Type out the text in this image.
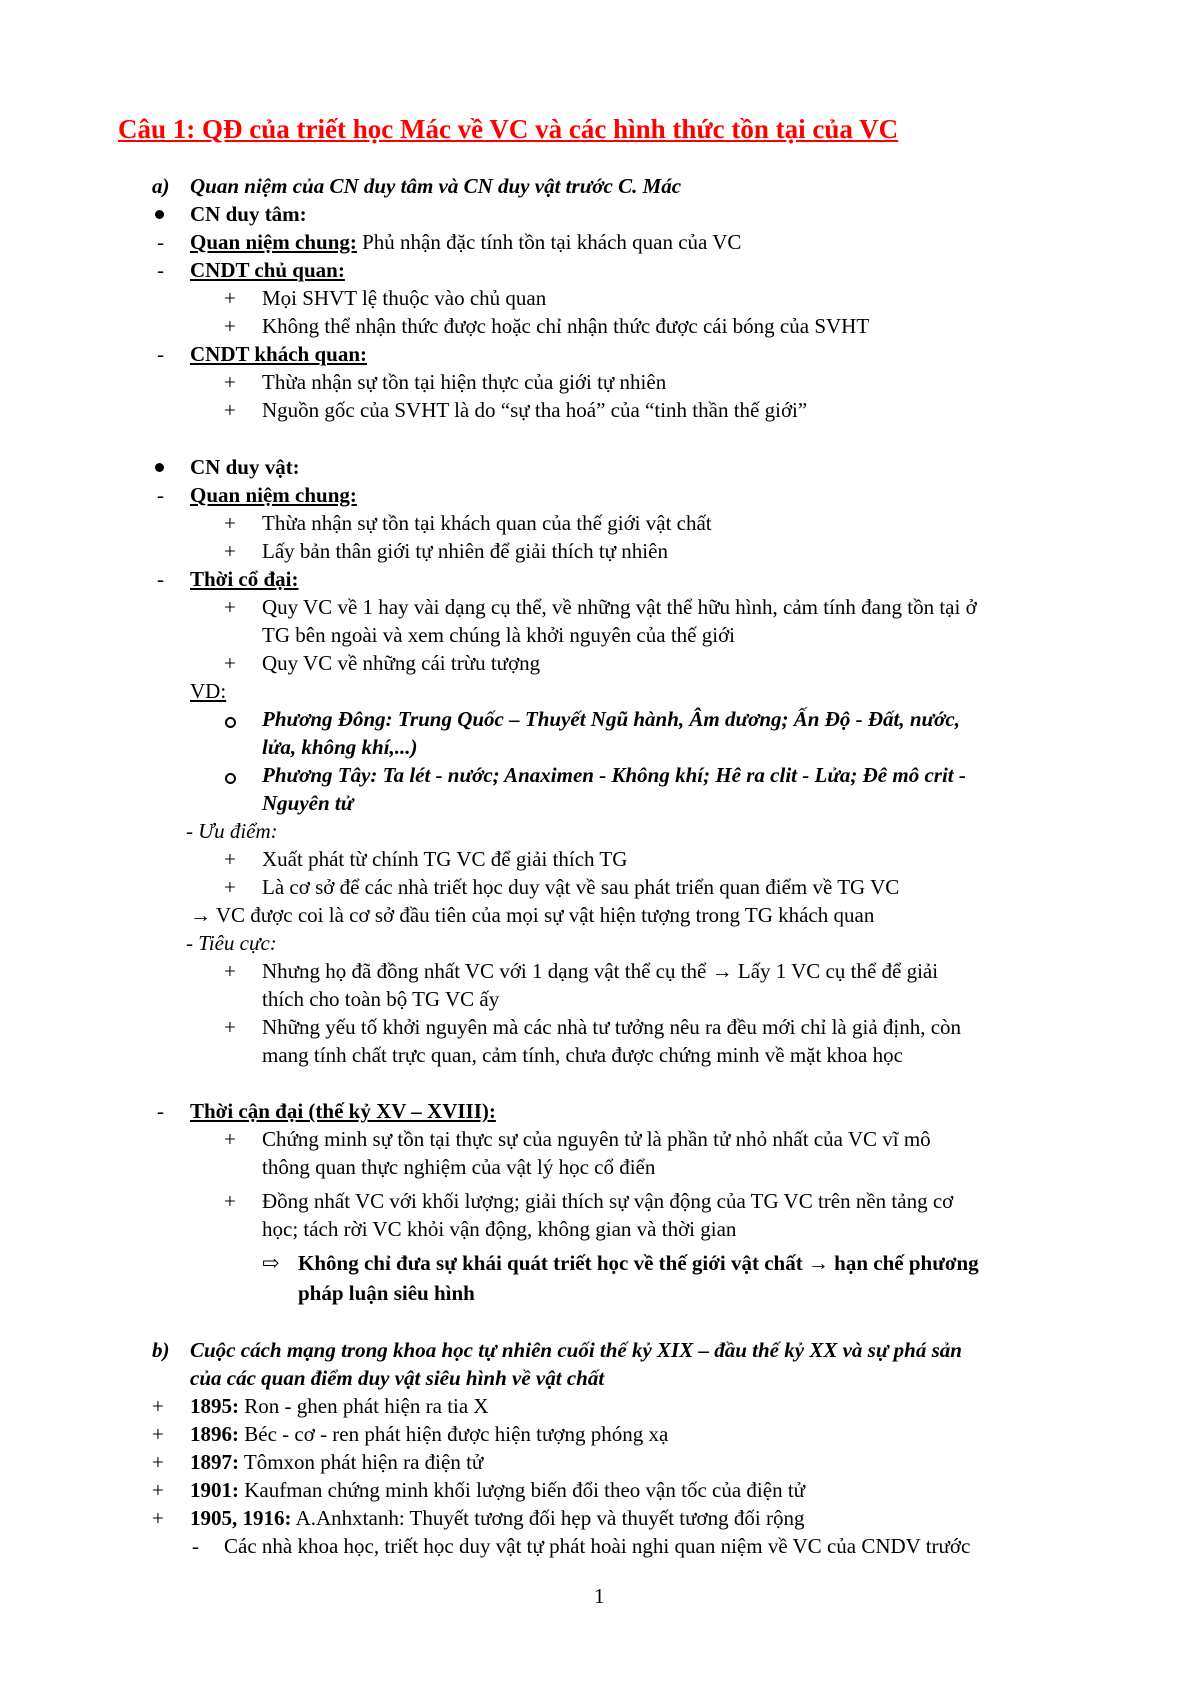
Câu 1: QĐ của triết học Mác về VC và các hình thức tồn tại của VC
a) Quan niệm của CN duy tâm và CN duy vật trước C. Mác
CN duy tâm:
- Quan niệm chung: Phủ nhận đặc tính tồn tại khách quan của VC
- CNDT chủ quan:
+ Mọi SHVT lệ thuộc vào chủ quan
+ Không thể nhận thức được hoặc chỉ nhận thức được cái bóng của SVHT
- CNDT khách quan:
+ Thừa nhận sự tồn tại hiện thực của giới tự nhiên
+ Nguồn gốc của SVHT là do “sự tha hoá” của “tinh thần thế giới”
CN duy vật:
- Quan niệm chung:
+ Thừa nhận sự tồn tại khách quan của thế giới vật chất
+ Lấy bản thân giới tự nhiên để giải thích tự nhiên
- Thời cổ đại:
+ Quy VC về 1 hay vài dạng cụ thể, về những vật thể hữu hình, cảm tính đang tồn tại ở
TG bên ngoài và xem chúng là khởi nguyên của thế giới
+ Quy VC về những cái trừu tượng
VD:
Phương Đông: Trung Quốc – Thuyết Ngũ hành, Âm dương; Ấn Độ - Đất, nước,
lửa, không khí,...)
Phương Tây: Ta lét - nước; Anaximen - Không khí; Hê ra clit - Lửa; Đê mô crit -
Nguyên tử
- Ưu điểm:
+ Xuất phát từ chính TG VC để giải thích TG
+ Là cơ sở để các nhà triết học duy vật về sau phát triển quan điểm về TG VC
→ VC được coi là cơ sở đầu tiên của mọi sự vật hiện tượng trong TG khách quan
- Tiêu cực:
+ Nhưng họ đã đồng nhất VC với 1 dạng vật thể cụ thể → Lấy 1 VC cụ thể để giải
thích cho toàn bộ TG VC ấy
+ Những yếu tố khởi nguyên mà các nhà tư tưởng nêu ra đều mới chỉ là giả định, còn
mang tính chất trực quan, cảm tính, chưa được chứng minh về mặt khoa học
- Thời cận đại (thế kỷ XV – XVIII):
+ Chứng minh sự tồn tại thực sự của nguyên tử là phần tử nhỏ nhất của VC vĩ mô
thông quan thực nghiệm của vật lý học cổ điển
+ Đồng nhất VC với khối lượng; giải thích sự vận động của TG VC trên nền tảng cơ
học; tách rời VC khỏi vận động, không gian và thời gian
⇨ Không chỉ đưa sự khái quát triết học về thế giới vật chất → hạn chế phương
pháp luận siêu hình
b) Cuộc cách mạng trong khoa học tự nhiên cuối thế kỷ XIX – đầu thế kỷ XX và sự phá sản
của các quan điểm duy vật siêu hình về vật chất
+ 1895: Ron - ghen phát hiện ra tia X
+ 1896: Béc - cơ - ren phát hiện được hiện tượng phóng xạ
+ 1897: Tômxon phát hiện ra điện tử
+ 1901: Kaufman chứng minh khối lượng biến đổi theo vận tốc của điện tử
+ 1905, 1916: A.Anhxtanh: Thuyết tương đối hẹp và thuyết tương đối rộng
- Các nhà khoa học, triết học duy vật tự phát hoài nghi quan niệm về VC của CNDV trước
1
